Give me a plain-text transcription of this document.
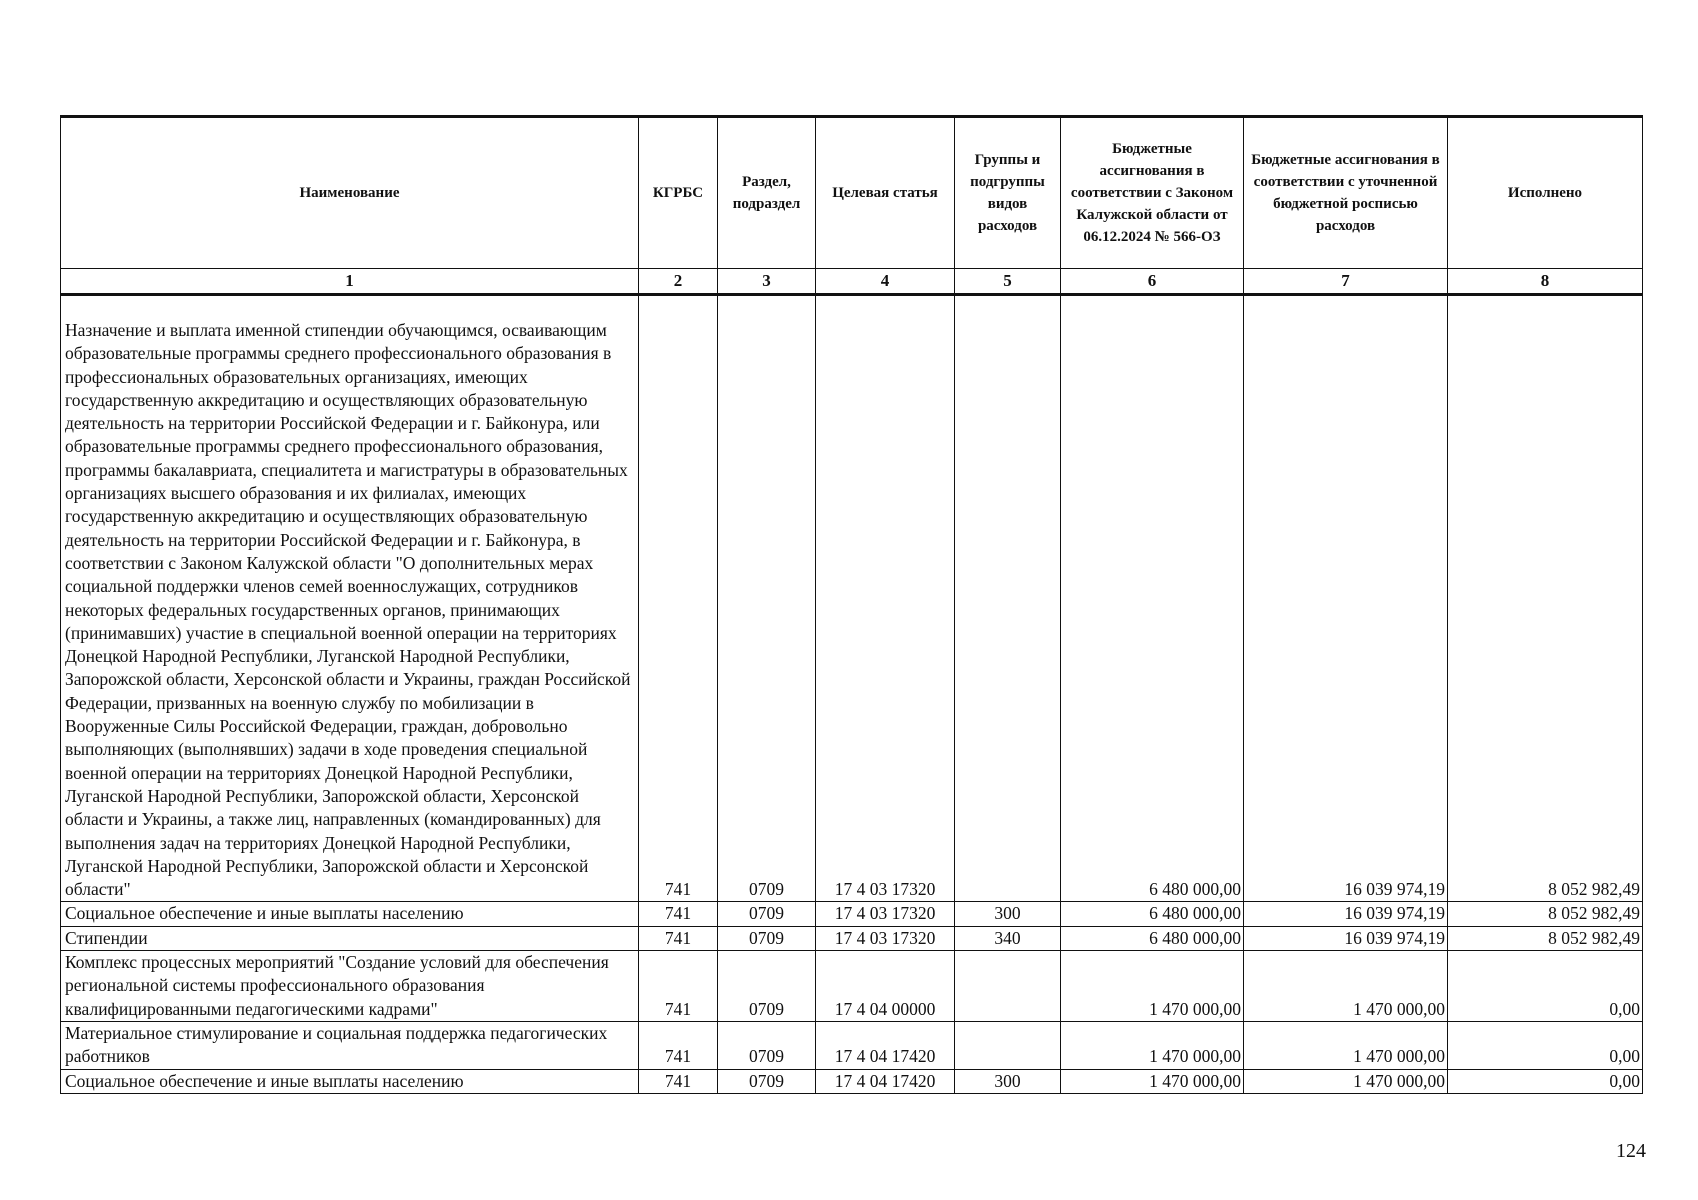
Наименование	КГРБС	Раздел, подраздел	Целевая статья	Группы и подгруппы видов расходов	Бюджетные ассигнования в соответствии с Законом Калужской области от 06.12.2024 № 566-ОЗ	Бюджетные ассигнования в соответствии с уточненной бюджетной росписью расходов	Исполнено
1	2	3	4	5	6	7	8
Назначение и выплата именной стипендии обучающимся, осваивающим образовательные программы среднего профессионального образования в профессиональных образовательных организациях, имеющих государственную аккредитацию и осуществляющих образовательную деятельность на территории Российской Федерации и г. Байконура, или образовательные программы среднего профессионального образования, программы бакалавриата, специалитета и магистратуры в образовательных организациях высшего образования и их филиалах, имеющих государственную аккредитацию и осуществляющих образовательную деятельность на территории Российской Федерации и г. Байконура, в соответствии с Законом Калужской области "О дополнительных мерах социальной поддержки членов семей военнослужащих, сотрудников некоторых федеральных государственных органов, принимающих (принимавших) участие в специальной военной операции на территориях Донецкой Народной Республики, Луганской Народной Республики, Запорожской области, Херсонской области и Украины, граждан Российской Федерации, призванных на военную службу по мобилизации в Вооруженные Силы Российской Федерации, граждан, добровольно выполняющих (выполнявших) задачи в ходе проведения специальной военной операции на территориях Донецкой Народной Республики, Луганской Народной Республики, Запорожской области, Херсонской области и Украины, а также лиц, направленных (командированных) для выполнения задач на территориях Донецкой Народной Республики, Луганской Народной Республики, Запорожской области и Херсонской области"	741	0709	17 4 03 17320		6 480 000,00	16 039 974,19	8 052 982,49
Социальное обеспечение и иные выплаты населению	741	0709	17 4 03 17320	300	6 480 000,00	16 039 974,19	8 052 982,49
Стипендии	741	0709	17 4 03 17320	340	6 480 000,00	16 039 974,19	8 052 982,49
Комплекс процессных мероприятий "Создание условий для обеспечения региональной системы профессионального образования квалифицированными педагогическими кадрами"	741	0709	17 4 04 00000		1 470 000,00	1 470 000,00	0,00
Материальное стимулирование и социальная поддержка педагогических работников	741	0709	17 4 04 17420		1 470 000,00	1 470 000,00	0,00
Социальное обеспечение и иные выплаты населению	741	0709	17 4 04 17420	300	1 470 000,00	1 470 000,00	0,00
124
